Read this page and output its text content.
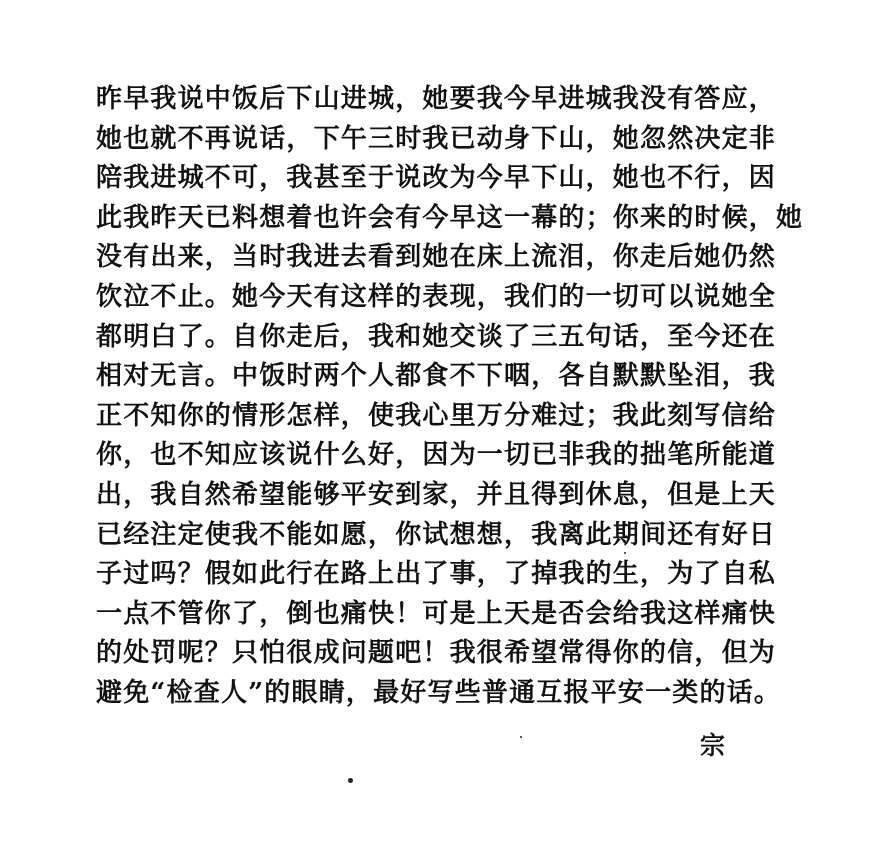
昨早我说中饭后下山进城，她要我今早进城我没有答应，
她也就不再说话，下午三时我已动身下山，她忽然决定非
陪我进城不可，我甚至于说改为今早下山，她也不行，因
此我昨天已料想着也许会有今早这一幕的；你来的时候，她
没有出来，当时我进去看到她在床上流泪，你走后她仍然
饮泣不止。她今天有这样的表现，我们的一切可以说她全
都明白了。自你走后，我和她交谈了三五句话，至今还在
相对无言。中饭时两个人都食不下咽，各自默默坠泪，我
正不知你的情形怎样，使我心里万分难过；我此刻写信给
你，也不知应该说什么好，因为一切已非我的拙笔所能道
出，我自然希望能够平安到家，并且得到休息，但是上天
已经注定使我不能如愿，你试想想，我离此期间还有好日
子过吗？假如此行在路上出了事，了掉我的生，为了自私
一点不管你了，倒也痛快！可是上天是否会给我这样痛快
的处罚呢？只怕很成问题吧！我很希望常得你的信，但为
避免“检查人”的眼睛，最好写些普通互报平安一类的话。
宗
